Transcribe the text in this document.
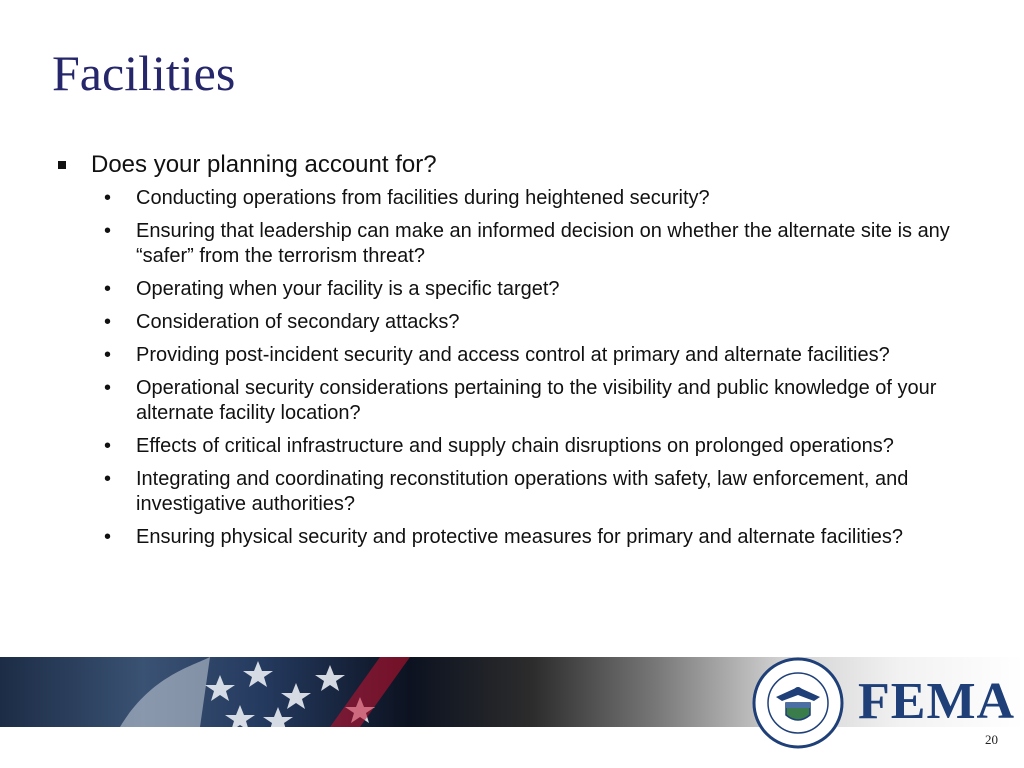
Facilities
Does your planning account for?
•	Conducting operations from facilities during heightened security?
•	Ensuring that leadership can make an informed decision on whether the alternate site is any “safer” from the terrorism threat?
•	Operating when your facility is a specific target?
•	Consideration of secondary attacks?
•	Providing post-incident security and access control at primary and alternate facilities?
•	Operational security considerations pertaining to the visibility and public knowledge of your alternate facility location?
•	Effects of critical infrastructure and supply chain disruptions on prolonged operations?
•	Integrating and coordinating reconstitution operations with safety, law enforcement, and investigative authorities?
•	Ensuring physical security and protective measures for primary and alternate facilities?
FEMA
20
